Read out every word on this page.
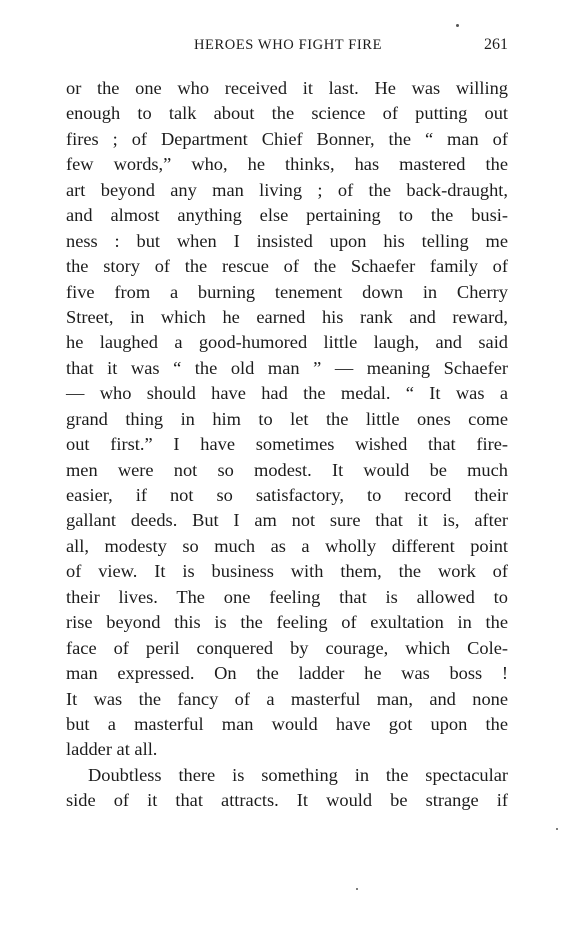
HEROES WHO FIGHT FIRE	261
or the one who received it last. He was willing
enough to talk about the science of putting out
fires ; of Department Chief Bonner, the “ man of
few words,” who, he thinks, has mastered the
art beyond any man living ; of the back-draught,
and almost anything else pertaining to the busi-
ness : but when I insisted upon his telling me
the story of the rescue of the Schaefer family of
five from a burning tenement down in Cherry
Street, in which he earned his rank and reward,
he laughed a good-humored little laugh, and said
that it was “ the old man ” — meaning Schaefer
— who should have had the medal. “ It was a
grand thing in him to let the little ones come
out first.” I have sometimes wished that fire-
men were not so modest. It would be much
easier, if not so satisfactory, to record their
gallant deeds. But I am not sure that it is, after
all, modesty so much as a wholly different point
of view. It is business with them, the work of
their lives. The one feeling that is allowed to
rise beyond this is the feeling of exultation in the
face of peril conquered by courage, which Cole-
man expressed. On the ladder he was boss !
It was the fancy of a masterful man, and none
but a masterful man would have got upon the
ladder at all.
Doubtless there is something in the spectacular
side of it that attracts. It would be strange if
